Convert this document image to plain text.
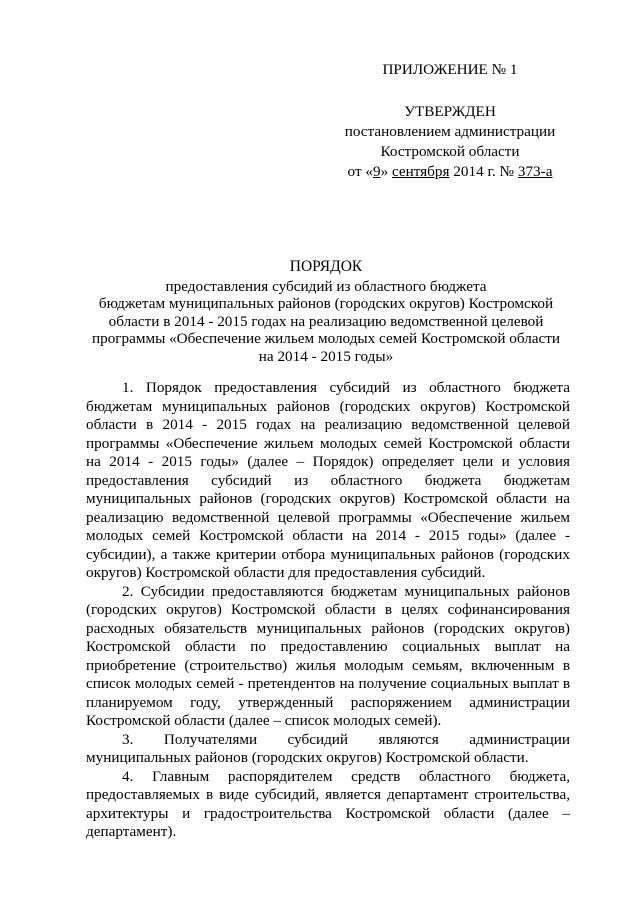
ПРИЛОЖЕНИЕ № 1

УТВЕРЖДЕН

постановлением администрации

Костромской области

от «9» сентября 2014 г. № 373-а

ПОРЯДОК

предоставления субсидий из областного бюджета

бюджетам муниципальных районов (городских округов) Костромской

области в 2014 - 2015 годах на реализацию ведомственной целевой

программы «Обеспечение жильем молодых семей Костромской области

на 2014 - 2015 годы»

1. Порядок предоставления субсидий из областного бюджета бюджетам муниципальных районов (городских округов) Костромской области в 2014 - 2015 годах на реализацию ведомственной целевой программы «Обеспечение жильем молодых семей Костромской области на 2014 - 2015 годы» (далее – Порядок) определяет цели и условия предоставления субсидий из областного бюджета бюджетам муниципальных районов (городских округов) Костромской области на реализацию ведомственной целевой программы «Обеспечение жильем молодых семей Костромской области на 2014 - 2015 годы» (далее - субсидии), а также критерии отбора муниципальных районов (городских округов) Костромской области для предоставления субсидий.

2. Субсидии предоставляются бюджетам муниципальных районов (городских округов) Костромской области в целях софинансирования расходных обязательств муниципальных районов (городских округов) Костромской области по предоставлению социальных выплат на приобретение (строительство) жилья молодым семьям, включенным в список молодых семей - претендентов на получение социальных выплат в планируемом году, утвержденный распоряжением администрации Костромской области (далее – список молодых семей).

3. Получателями субсидий являются администрации муниципальных районов (городских округов) Костромской области.

4. Главным распорядителем средств областного бюджета, предоставляемых в виде субсидий, является департамент строительства, архитектуры и градостроительства Костромской области (далее – департамент).
